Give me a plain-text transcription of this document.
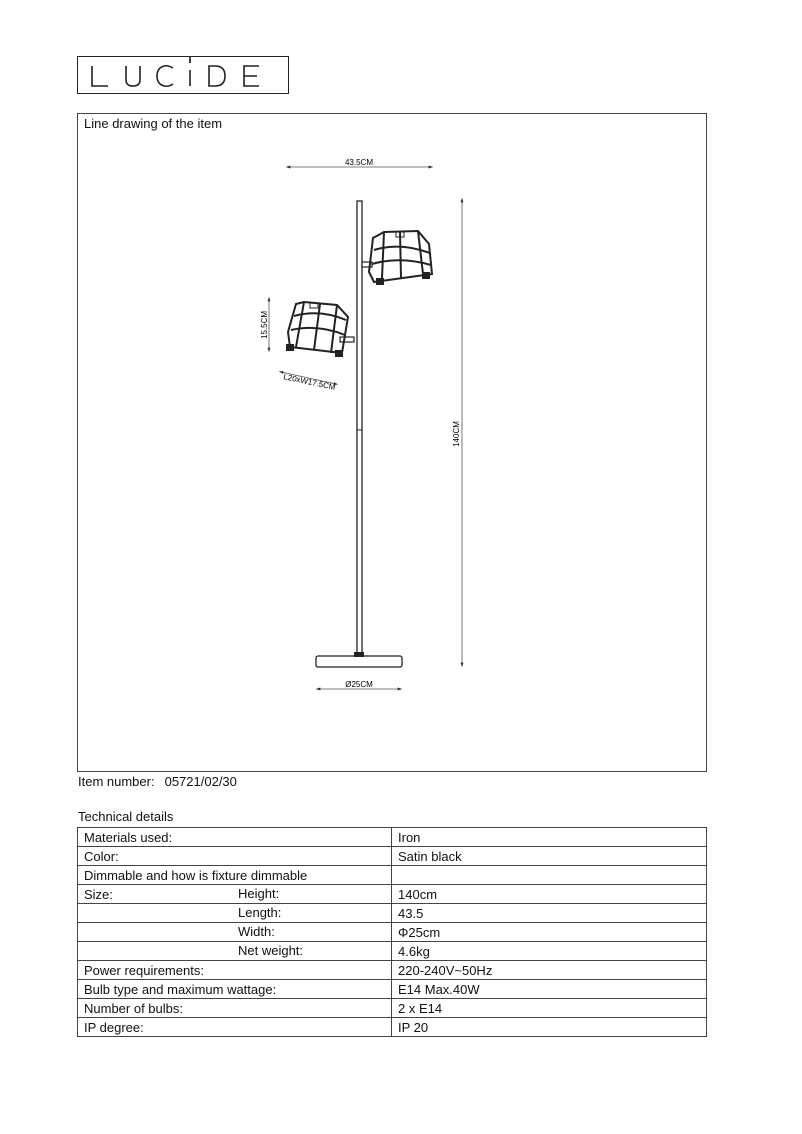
Line drawing of the item
43.5CM
140CM
Ø25CM
15.5CM
L20xW17.5CM
Item number: 05721/02/30
Technical details
Materials used:	Iron
Color:	Satin black
Dimmable and how is fixture dimmable

Size: Height:	140cm

Length:	43.5

Width:	Φ25cm

Net weight:	4.6kg
Power requirements:	220-240V~50Hz
Bulb type and maximum wattage:	E14 Max.40W
Number of bulbs:	2 x E14
IP degree:	IP 20
